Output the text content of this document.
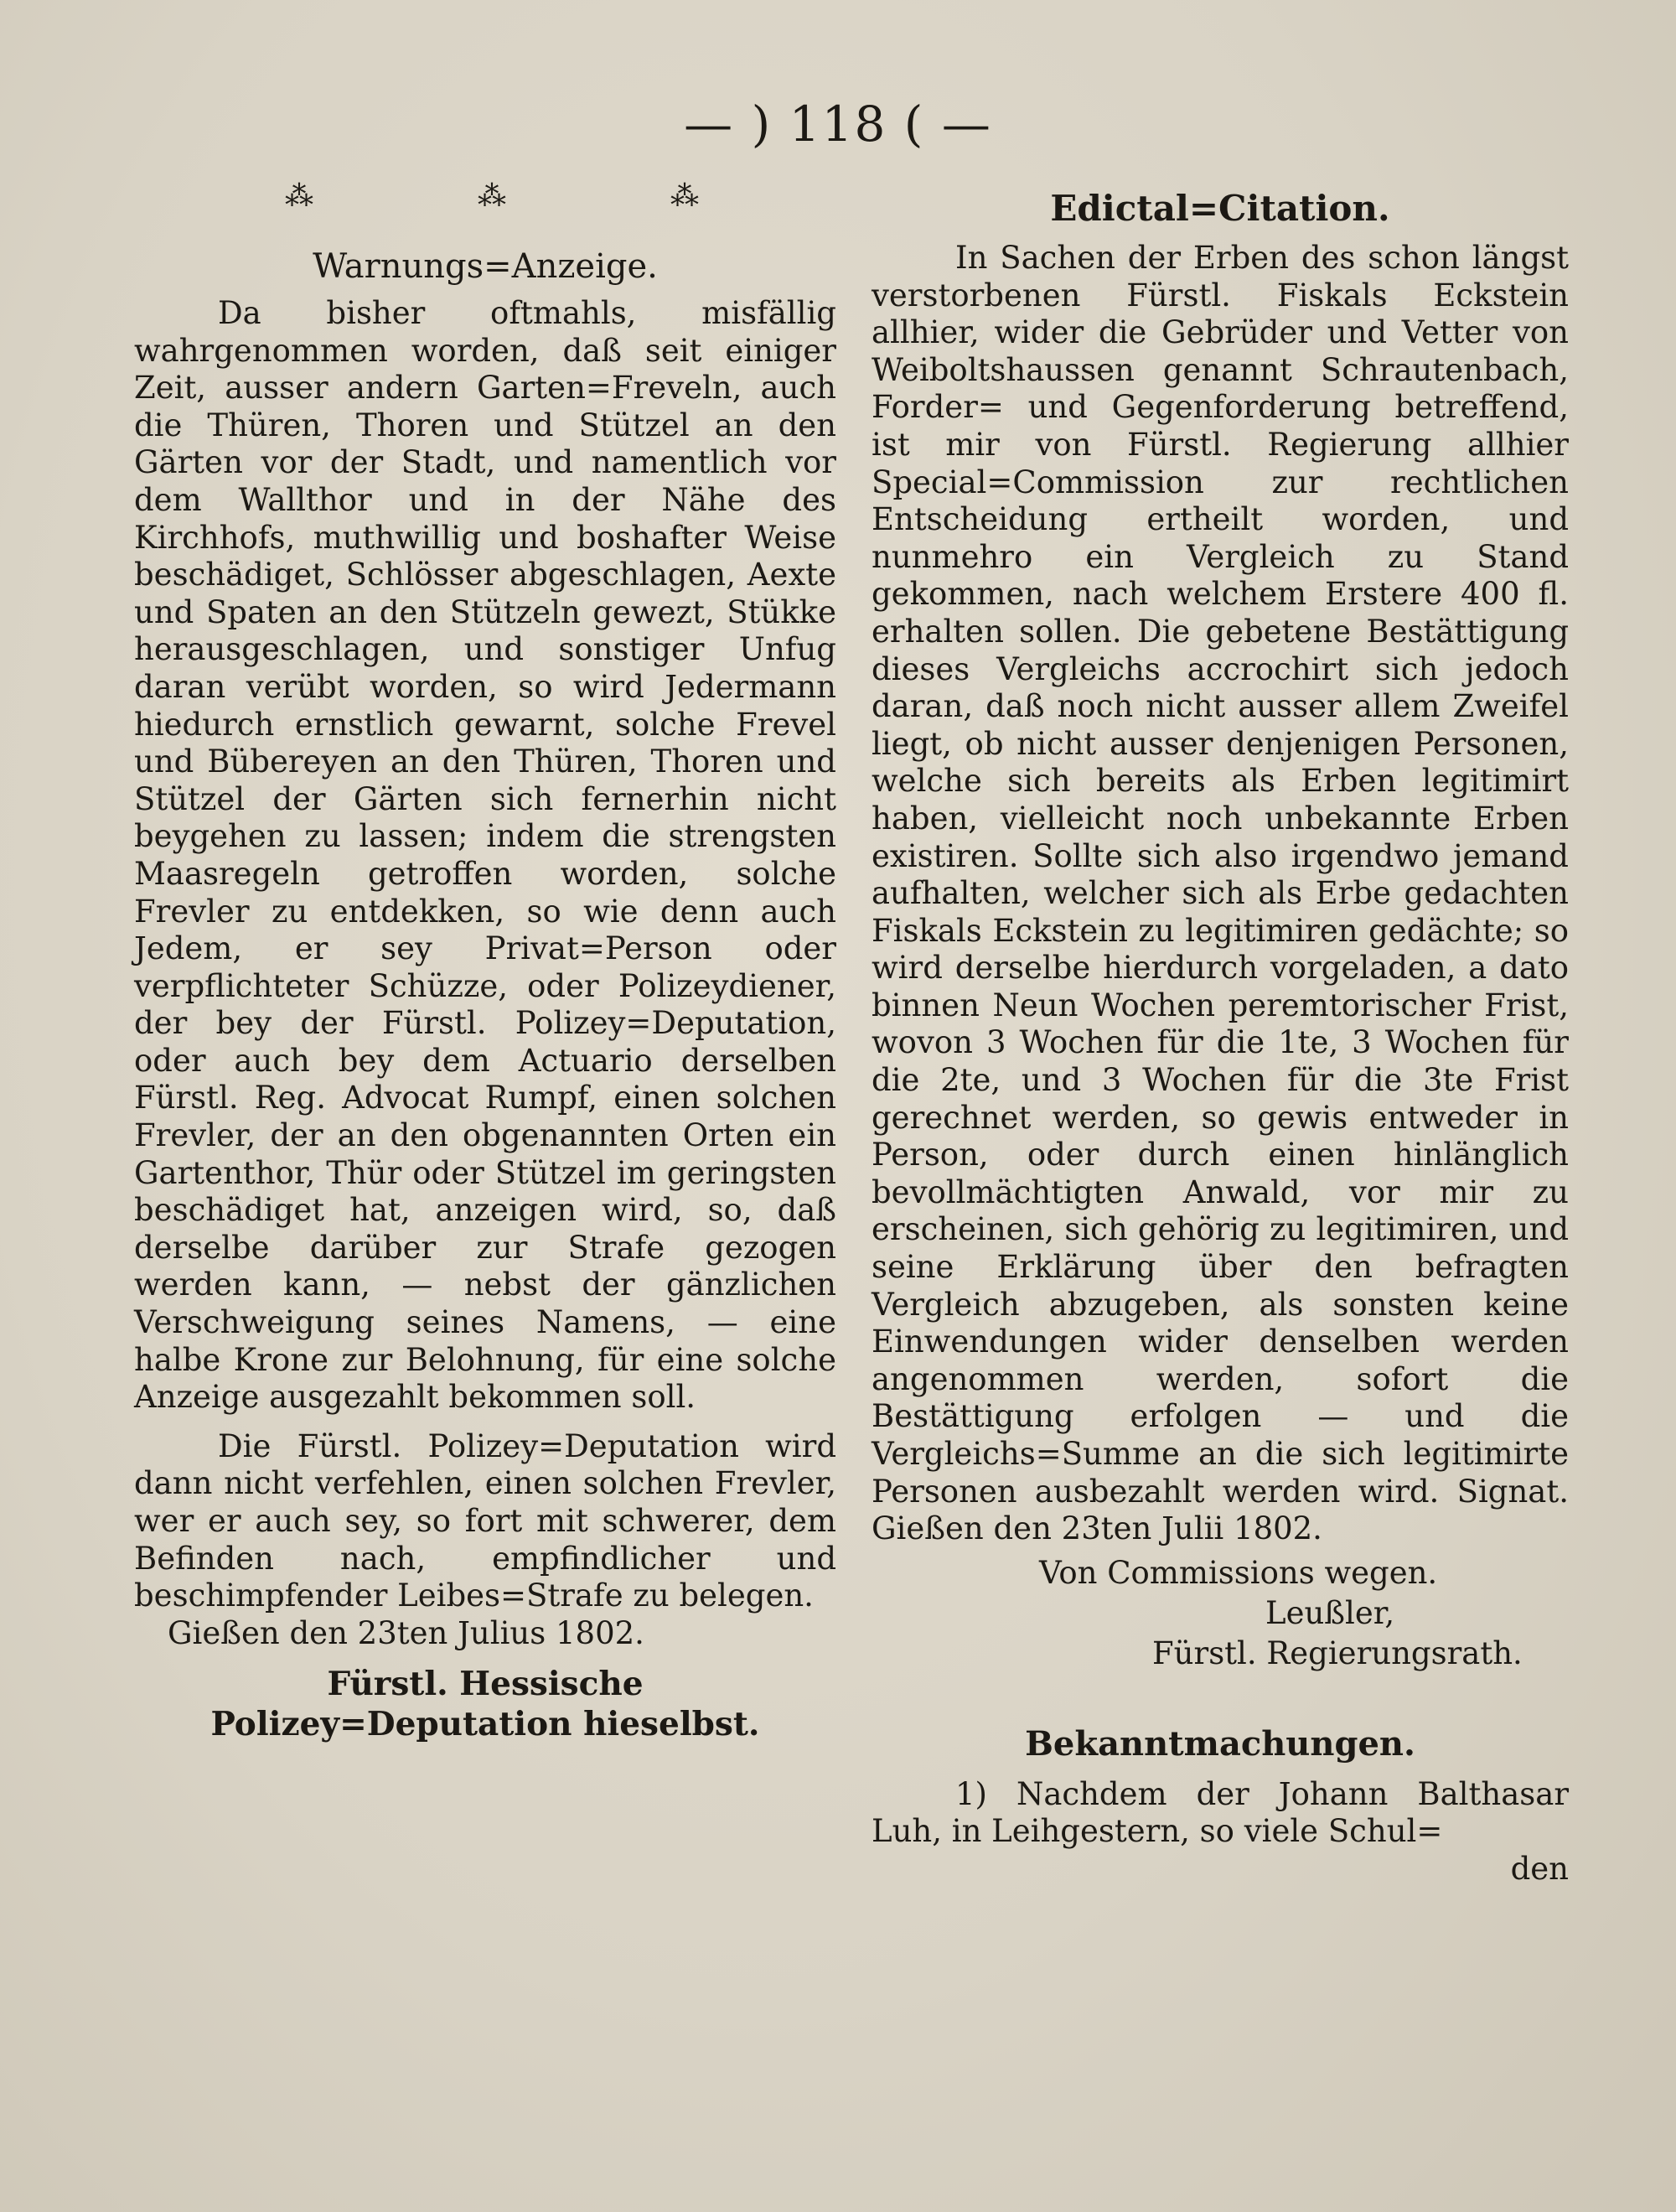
— ) 118 ( —
⁂	⁂	⁂
Warnungs=Anzeige.

Da bisher oftmahls, misfällig wahrgenommen worden, daß seit einiger Zeit, ausser andern Garten=Freveln, auch die Thüren, Thoren und Stützel an den Gärten vor der Stadt, und namentlich vor dem Wallthor und in der Nähe des Kirchhofs, muthwillig und boshafter Weise beschädiget, Schlösser abgeschlagen, Aexte und Spaten an den Stützeln gewezt, Stükke herausgeschlagen, und sonstiger Unfug daran verübt worden, so wird Jedermann hiedurch ernstlich gewarnt, solche Frevel und Bübereyen an den Thüren, Thoren und Stützel der Gärten sich fernerhin nicht beygehen zu lassen; indem die strengsten Maasregeln getroffen worden, solche Frevler zu entdekken, so wie denn auch Jedem, er sey Privat=Person oder verpflichteter Schüzze, oder Polizeydiener, der bey der Fürstl. Polizey=Deputation, oder auch bey dem Actuario derselben Fürstl. Reg. Advocat Rumpf, einen solchen Frevler, der an den obgenannten Orten ein Gartenthor, Thür oder Stützel im geringsten beschädiget hat, anzeigen wird, so, daß derselbe darüber zur Strafe gezogen werden kann, — nebst der gänzlichen Verschweigung seines Namens, — eine halbe Krone zur Belohnung, für eine solche Anzeige ausgezahlt bekommen soll.

Die Fürstl. Polizey=Deputation wird dann nicht verfehlen, einen solchen Frevler, wer er auch sey, so fort mit schwerer, dem Befinden nach, empfindlicher und beschimpfender Leibes=Strafe zu belegen.

Gießen den 23ten Julius 1802.

Fürstl. Hessische Polizey=Deputation hieselbst.

Edictal=Citation.

In Sachen der Erben des schon längst verstorbenen Fürstl. Fiskals Eckstein allhier, wider die Gebrüder und Vetter von Weiboltshaussen genannt Schrautenbach, Forder= und Gegenforderung betreffend, ist mir von Fürstl. Regierung allhier Special=Commission zur rechtlichen Entscheidung ertheilt worden, und nunmehro ein Vergleich zu Stand gekommen, nach welchem Erstere 400 fl. erhalten sollen. Die gebetene Bestättigung dieses Vergleichs accrochirt sich jedoch daran, daß noch nicht ausser allem Zweifel liegt, ob nicht ausser denjenigen Personen, welche sich bereits als Erben legitimirt haben, vielleicht noch unbekannte Erben existiren. Sollte sich also irgendwo jemand aufhalten, welcher sich als Erbe gedachten Fiskals Eckstein zu legitimiren gedächte; so wird derselbe hierdurch vorgeladen, a dato binnen Neun Wochen peremtorischer Frist, wovon 3 Wochen für die 1te, 3 Wochen für die 2te, und 3 Wochen für die 3te Frist gerechnet werden, so gewis entweder in Person, oder durch einen hinlänglich bevollmächtigten Anwald, vor mir zu erscheinen, sich gehörig zu legitimiren, und seine Erklärung über den befragten Vergleich abzugeben, als sonsten keine Einwendungen wider denselben werden angenommen werden, sofort die Bestättigung erfolgen — und die Vergleichs=Summe an die sich legitimirte Personen ausbezahlt werden wird. Signat. Gießen den 23ten Julii 1802.

Von Commissions wegen.
Leußler,
Fürstl. Regierungsrath.
Bekanntmachungen.

1) Nachdem der Johann Balthasar Luh, in Leihgestern, so viele Schul=

den
